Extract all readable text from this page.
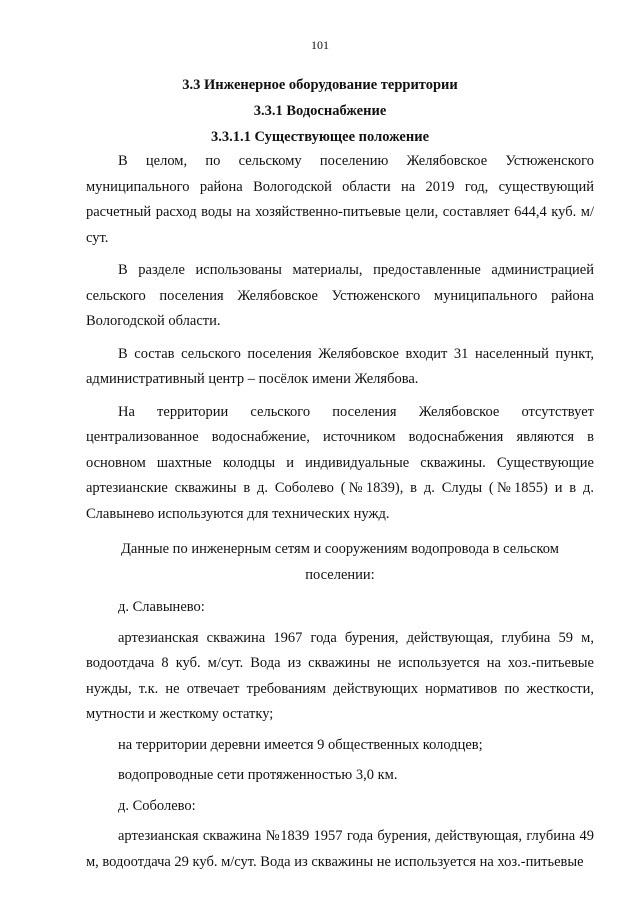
101
3.3 Инженерное оборудование территории
3.3.1 Водоснабжение
3.3.1.1 Существующее положение

В целом, по сельскому поселению Желябовское Устюженского муниципального района Вологодской области на 2019 год, существующий расчетный расход воды на хозяйственно-питьевые цели, составляет 644,4 куб. м/сут.

В разделе использованы материалы, предоставленные администрацией сельского поселения Желябовское Устюженского муниципального района Вологодской области.

В состав сельского поселения Желябовское входит 31 населенный пункт, административный центр – посёлок имени Желябова.

На территории сельского поселения Желябовское отсутствует централизованное водоснабжение, источником водоснабжения являются в основном шахтные колодцы и индивидуальные скважины. Существующие артезианские скважины в д. Соболево (№1839), в д. Слуды (№1855) и в д. Славынево используются для технических нужд.

Данные по инженерным сетям и сооружениям водопровода в сельском поселении:

д. Славынево:

артезианская скважина 1967 года бурения, действующая, глубина 59 м, водоотдача 8 куб. м/сут. Вода из скважины не используется на хоз.-питьевые нужды, т.к. не отвечает требованиям действующих нормативов по жесткости, мутности и жесткому остатку;

на территории деревни имеется 9 общественных колодцев;

водопроводные сети протяженностью 3,0 км.

д. Соболево:

артезианская скважина №1839 1957 года бурения, действующая, глубина 49 м, водоотдача 29 куб. м/сут. Вода из скважины не используется на хоз.-питьевые
